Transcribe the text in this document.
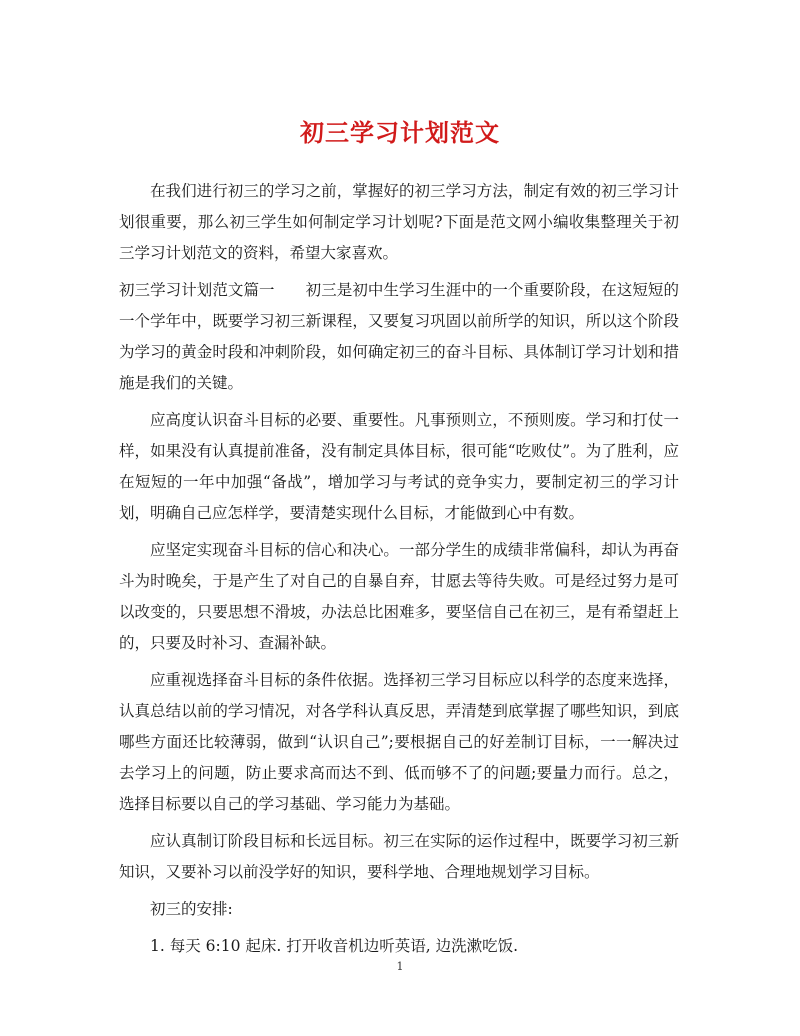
初三学习计划范文

在我们进行初三的学习之前，掌握好的初三学习方法，制定有效的初三学习计划很重要，那么初三学生如何制定学习计划呢?下面是范文网小编收集整理关于初三学习计划范文的资料，希望大家喜欢。

初三学习计划范文篇一　　初三是初中生学习生涯中的一个重要阶段，在这短短的一个学年中，既要学习初三新课程，又要复习巩固以前所学的知识，所以这个阶段为学习的黄金时段和冲刺阶段，如何确定初三的奋斗目标、具体制订学习计划和措施是我们的关键。

应高度认识奋斗目标的必要、重要性。凡事预则立，不预则废。学习和打仗一样，如果没有认真提前准备，没有制定具体目标，很可能“吃败仗”。为了胜利，应在短短的一年中加强“备战”，增加学习与考试的竞争实力，要制定初三的学习计划，明确自己应怎样学，要清楚实现什么目标，才能做到心中有数。

应坚定实现奋斗目标的信心和决心。一部分学生的成绩非常偏科，却认为再奋斗为时晚矣，于是产生了对自己的自暴自弃，甘愿去等待失败。可是经过努力是可以改变的，只要思想不滑坡，办法总比困难多，要坚信自己在初三，是有希望赶上的，只要及时补习、查漏补缺。

应重视选择奋斗目标的条件依据。选择初三学习目标应以科学的态度来选择，认真总结以前的学习情况，对各学科认真反思，弄清楚到底掌握了哪些知识，到底哪些方面还比较薄弱，做到“认识自己”;要根据自己的好差制订目标，一一解决过去学习上的问题，防止要求高而达不到、低而够不了的问题;要量力而行。总之，选择目标要以自己的学习基础、学习能力为基础。

应认真制订阶段目标和长远目标。初三在实际的运作过程中，既要学习初三新知识，又要补习以前没学好的知识，要科学地、合理地规划学习目标。

初三的安排:

1. 每天 6:10 起床. 打开收音机边听英语, 边洗漱吃饭.

1
